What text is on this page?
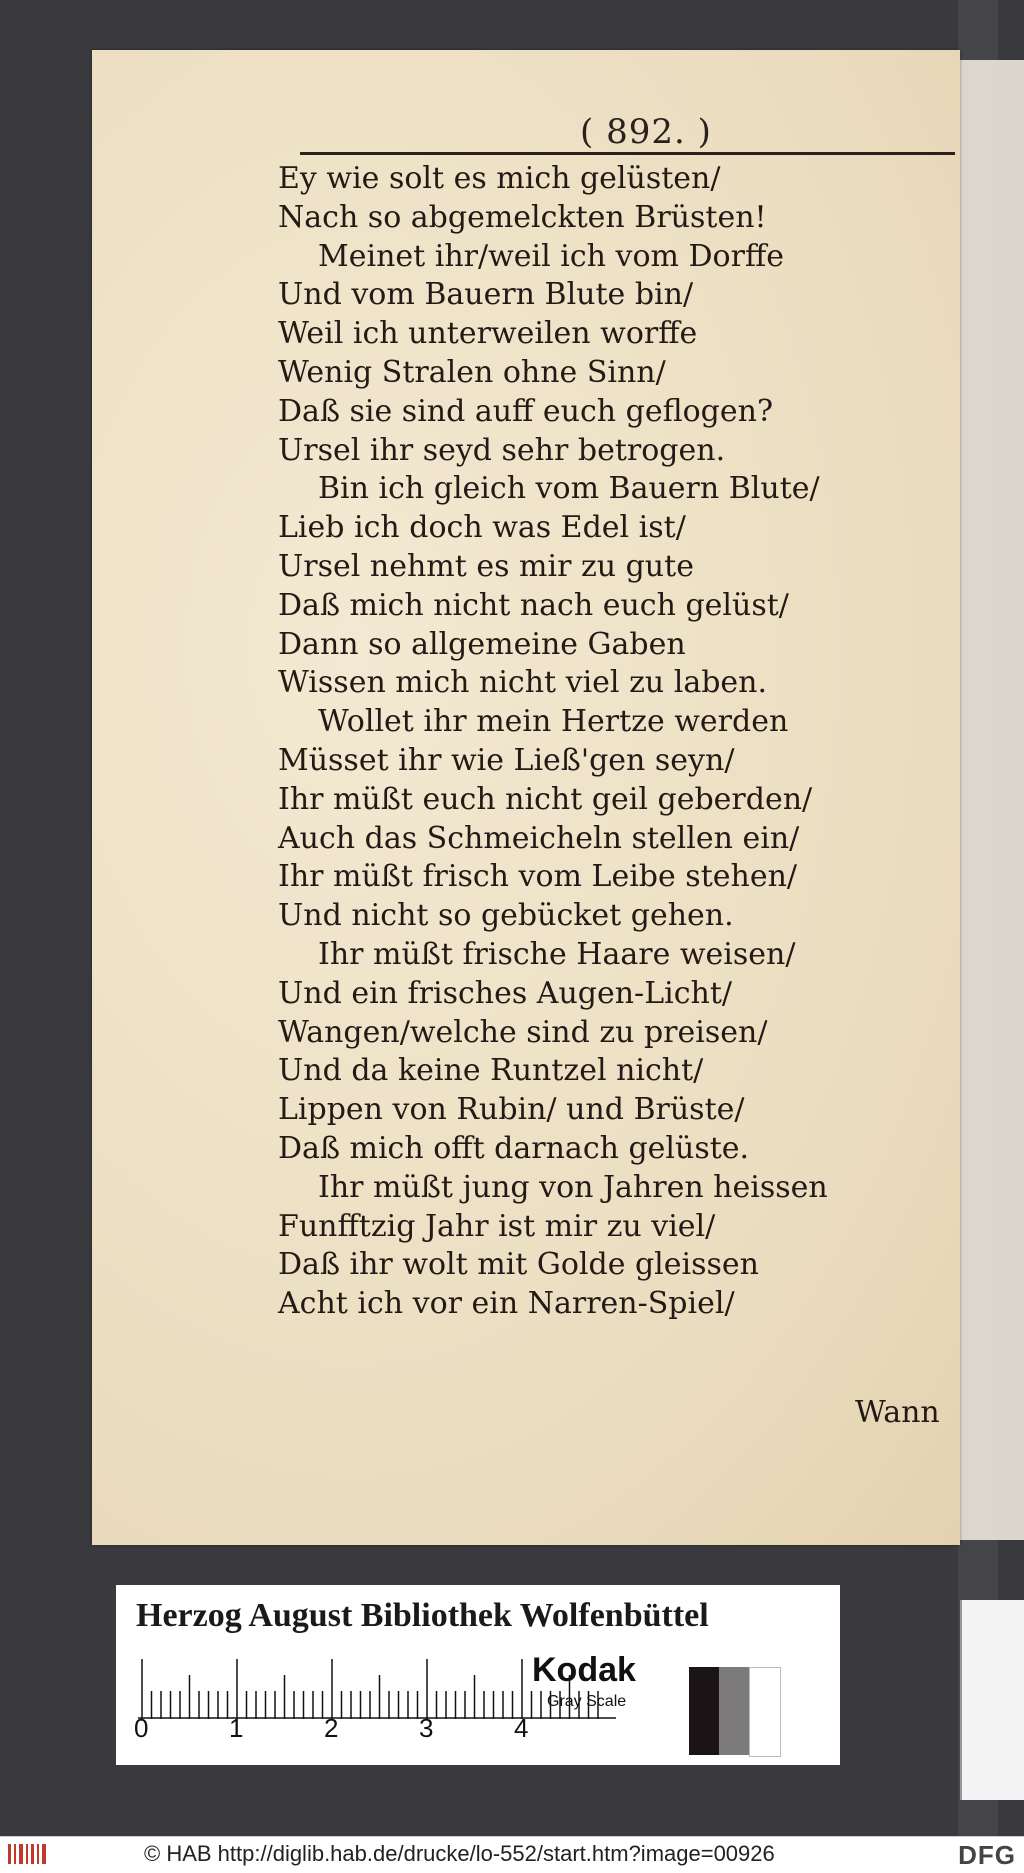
( 892. )
Ey wie solt es mich gelüsten/
Nach so abgemelckten Brüsten!
Meinet ihr/weil ich vom Dorffe
Und vom Bauern Blute bin/
Weil ich unterweilen worffe
Wenig Stralen ohne Sinn/
Daß sie sind auff euch geflogen?
Ursel ihr seyd sehr betrogen.
Bin ich gleich vom Bauern Blute/
Lieb ich doch was Edel ist/
Ursel nehmt es mir zu gute
Daß mich nicht nach euch gelüst/
Dann so allgemeine Gaben
Wissen mich nicht viel zu laben.
Wollet ihr mein Hertze werden
Müsset ihr wie Ließ'gen seyn/
Ihr müßt euch nicht geil geberden/
Auch das Schmeicheln stellen ein/
Ihr müßt frisch vom Leibe stehen/
Und nicht so gebücket gehen.
Ihr müßt frische Haare weisen/
Und ein frisches Augen-Licht/
Wangen/welche sind zu preisen/
Und da keine Runtzel nicht/
Lippen von Rubin/ und Brüste/
Daß mich offt darnach gelüste.
Ihr müßt jung von Jahren heissen
Funfftzig Jahr ist mir zu viel/
Daß ihr wolt mit Golde gleissen
Acht ich vor ein Narren-Spiel/
Wann
Herzog August Bibliothek Wolfenbüttel
0	1	2	3	4
Kodak
Gray Scale
© HAB http://diglib.hab.de/drucke/lo-552/start.htm?image=00926	DFG
